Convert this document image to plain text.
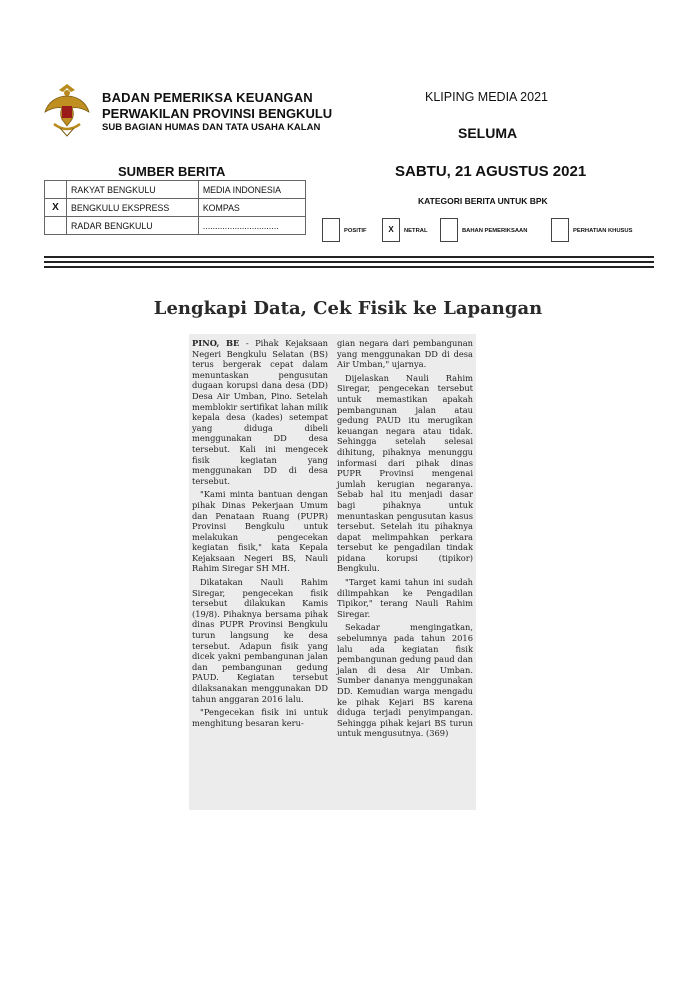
BADAN PEMERIKSA KEUANGAN
PERWAKILAN PROVINSI BENGKULU
SUB BAGIAN HUMAS DAN TATA USAHA KALAN
KLIPING MEDIA 2021
SELUMA
SUMBER BERITA	SABTU, 21 AGUSTUS 2021
	RAKYAT BENGKULU	MEDIA INDONESIA
X	BENGKULU EKSPRESS	KOMPAS
	RADAR BENGKULU	...............................
KATEGORI BERITA UNTUK BPK
POSITIF	X	NETRAL	BAHAN PEMERIKSAAN	PERHATIAN KHUSUS
Lengkapi Data, Cek Fisik ke Lapangan

PINO, BE - Pihak Kejaksaan Negeri Bengkulu Selatan (BS) terus bergerak cepat dalam menuntaskan pengusutan dugaan korupsi dana desa (DD) Desa Air Umban, Pino. Setelah memblokir sertifikat lahan milik kepala desa (kades) setempat yang diduga dibeli menggunakan DD desa tersebut. Kali ini mengecek fisik kegiatan yang menggunakan DD di desa tersebut.

"Kami minta bantuan dengan pihak Dinas Pekerjaan Umum dan Penataan Ruang (PUPR) Provinsi Bengkulu untuk melakukan pengecekan kegiatan fisik," kata Kepala Kejaksaan Negeri BS, Nauli Rahim Siregar SH MH.

Dikatakan Nauli Rahim Siregar, pengecekan fisik tersebut dilakukan Kamis (19/8). Pihaknya bersama pihak dinas PUPR Provinsi Bengkulu turun langsung ke desa tersebut. Adapun fisik yang dicek yakni pembangunan jalan dan pembangunan gedung PAUD. Kegiatan tersebut dilaksanakan menggunakan DD tahun anggaran 2016 lalu.

"Pengecekan fisik ini untuk menghitung besaran keru-

gian negara dari pembangunan yang menggunakan DD di desa Air Umban," ujarnya.

Dijelaskan Nauli Rahim Siregar, pengecekan tersebut untuk memastikan apakah pembangunan jalan atau gedung PAUD itu merugikan keuangan negara atau tidak. Sehingga setelah selesai dihitung, pihaknya menunggu informasi dari pihak dinas PUPR Provinsi mengenai jumlah kerugian negaranya. Sebab hal itu menjadi dasar bagi pihaknya untuk menuntaskan pengusutan kasus tersebut. Setelah itu pihaknya dapat melimpahkan perkara tersebut ke pengadilan tindak pidana korupsi (tipikor) Bengkulu.

"Target kami tahun ini sudah dilimpahkan ke Pengadilan Tipikor," terang Nauli Rahim Siregar.

Sekadar mengingatkan, sebelumnya pada tahun 2016 lalu ada kegiatan fisik pembangunan gedung paud dan jalan di desa Air Umban. Sumber dananya menggunakan DD. Kemudian warga mengadu ke pihak Kejari BS karena diduga terjadi penyimpangan. Sehingga pihak kejari BS turun untuk mengusutnya. (369)
